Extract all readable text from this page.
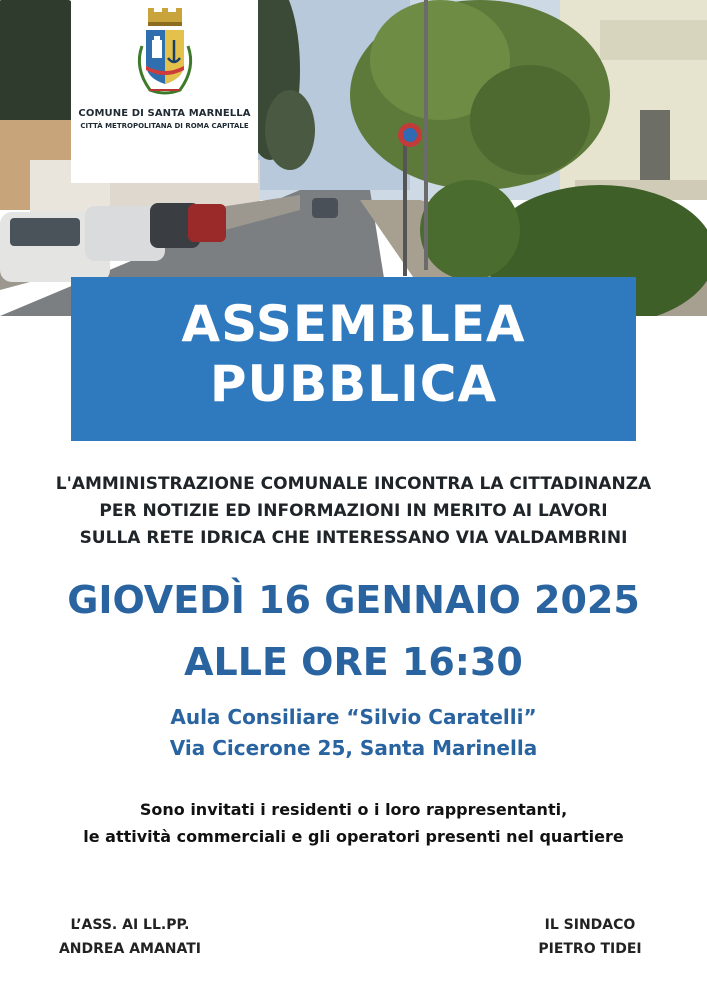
COMUNE DI SANTA MARNELLA
CITTÀ METROPOLITANA DI ROMA CAPITALE
ASSEMBLEA
PUBBLICA
L'AMMINISTRAZIONE COMUNALE INCONTRA LA CITTADINANZA
PER NOTIZIE ED INFORMAZIONI IN MERITO AI LAVORI
SULLA RETE IDRICA CHE INTERESSANO VIA VALDAMBRINI
GIOVEDÌ 16 GENNAIO 2025
ALLE ORE 16:30
Aula Consiliare “Silvio Caratelli”
Via Cicerone 25, Santa Marinella
Sono invitati i residenti o i loro rappresentanti,
le attività commerciali e gli operatori presenti nel quartiere
L’ASS. AI LL.PP.
ANDREA AMANATI
IL SINDACO
PIETRO TIDEI
